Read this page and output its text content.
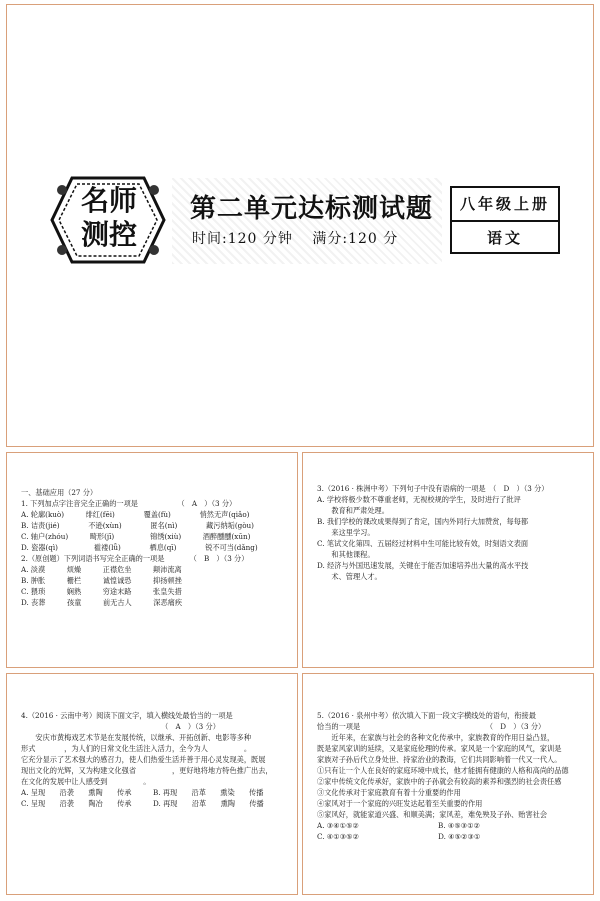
名师
测控
第二单元达标测试题
时间:120 分钟 满分:120 分
八年级上册
语文

一、基础应用（27 分）

1. 下列加点字注音完全正确的一项是　　　　　　（　A　）（3 分）

A. 轮廓(kuò)　　　绯红(fēi)　　　　覆盖(fù)　　　　悄然无声(qiǎo)

B. 诘责(jié)　　　　不逊(xùn)　　　　匿名(nì)　　　　藏污纳垢(gòu)

C. 轴户(zhóu)　　　畸形(jī)　　　　　锦绣(xiù)　　　酒醉醺醺(xūn)

D. 瓷器(qì)　　　　　褴褛(lǚ)　　　　栖息(qī)　　　　锐不可当(dǎng)

2.（原创题）下列词语书写完全正确的一项是　　　　（　B　）（3 分）

A. 淡漠　　　烦燥　　　正襟危坐　　　颠沛流离

B. 肿胀　　　栅栏　　　诚惶诚恐　　　抑扬顿挫

C. 猥琐　　　娴熟　　　穷途末路　　　张皇失措

D. 丧葬　　　孩童　　　前无古人　　　深恶痛疾

3.（2016 · 株洲中考）下列句子中没有语病的一项是　（　D　）（3 分）

A. 学校将极少数不尊重老师，无视校规的学生，及时进行了批评

　　教育和严肃处理。

B. 我们学校的课改成果得到了肯定，国内外同行大加赞赏，每每都

　　来这里学习。

C. 笔试文化第四、五届经过材料中生可能比较有效，时刻语文表面

　　和其他课程。

D. 经济与外国迅速发展，关键在于能否加速培养出大量的高水平技

　　术、管理人才。

4.（2016 · 云南中考）阅读下面文字，填入横线处最恰当的一项是

　　　　　　　　　　　　　　　　　　　　（　A　）（3 分）

　　安庆市黄梅戏艺术节是在发展传统，以继承、开拓创新、电影等多种

形式　　　　，为人们的日常文化生活注入活力，全今为人　　　　　。

它充分显示了艺术强大的感召力，使人们热爱生活并善于用心灵发现美，既展

现出文化的光辉，又为构建文化强省　　　　　，更好地将地方特色推广出去，

在文化的发展中让人感受到　　　　　。

A. 呈现　　沿袭　　熏陶　　传承　　　B. 再现　　沿革　　熏染　　传播

C. 呈现　　沿袭　　陶冶　　传承　　　D. 再现　　沿革　　熏陶　　传播

5.（2016 · 泉州中考）依次填入下面一段文字横线处的语句，衔接最

恰当的一项是　　　　　　　　　　　　　　　　　　（　D　）（3 分）

　　近年来，在家族与社会的各种文化传承中，家族教育的作用日益凸显，

既是家风家训的延续，又是家庭伦理的传承。家风是一个家庭的风气，家训是

家族对子孙后代立身处世、持家治业的教诲，它们共同影响着一代又一代人。

①只有让一个人在良好的家庭环境中成长，他才能拥有健康的人格和高尚的品德

②家中传统文化传承好，家族中的子孙就会有较高的素养和强烈的社会责任感

③文化传承对于家庭教育有着十分重要的作用

④家风对于一个家庭的兴旺发达起着至关重要的作用

⑤家风好，就能家道兴盛、和顺美满；家风差，难免殃及子孙、贻害社会

A. ③④①⑤②　　　　　　　　　　　B. ④⑤③①②

C. ④①③⑤②　　　　　　　　　　　D. ④⑤②③①
